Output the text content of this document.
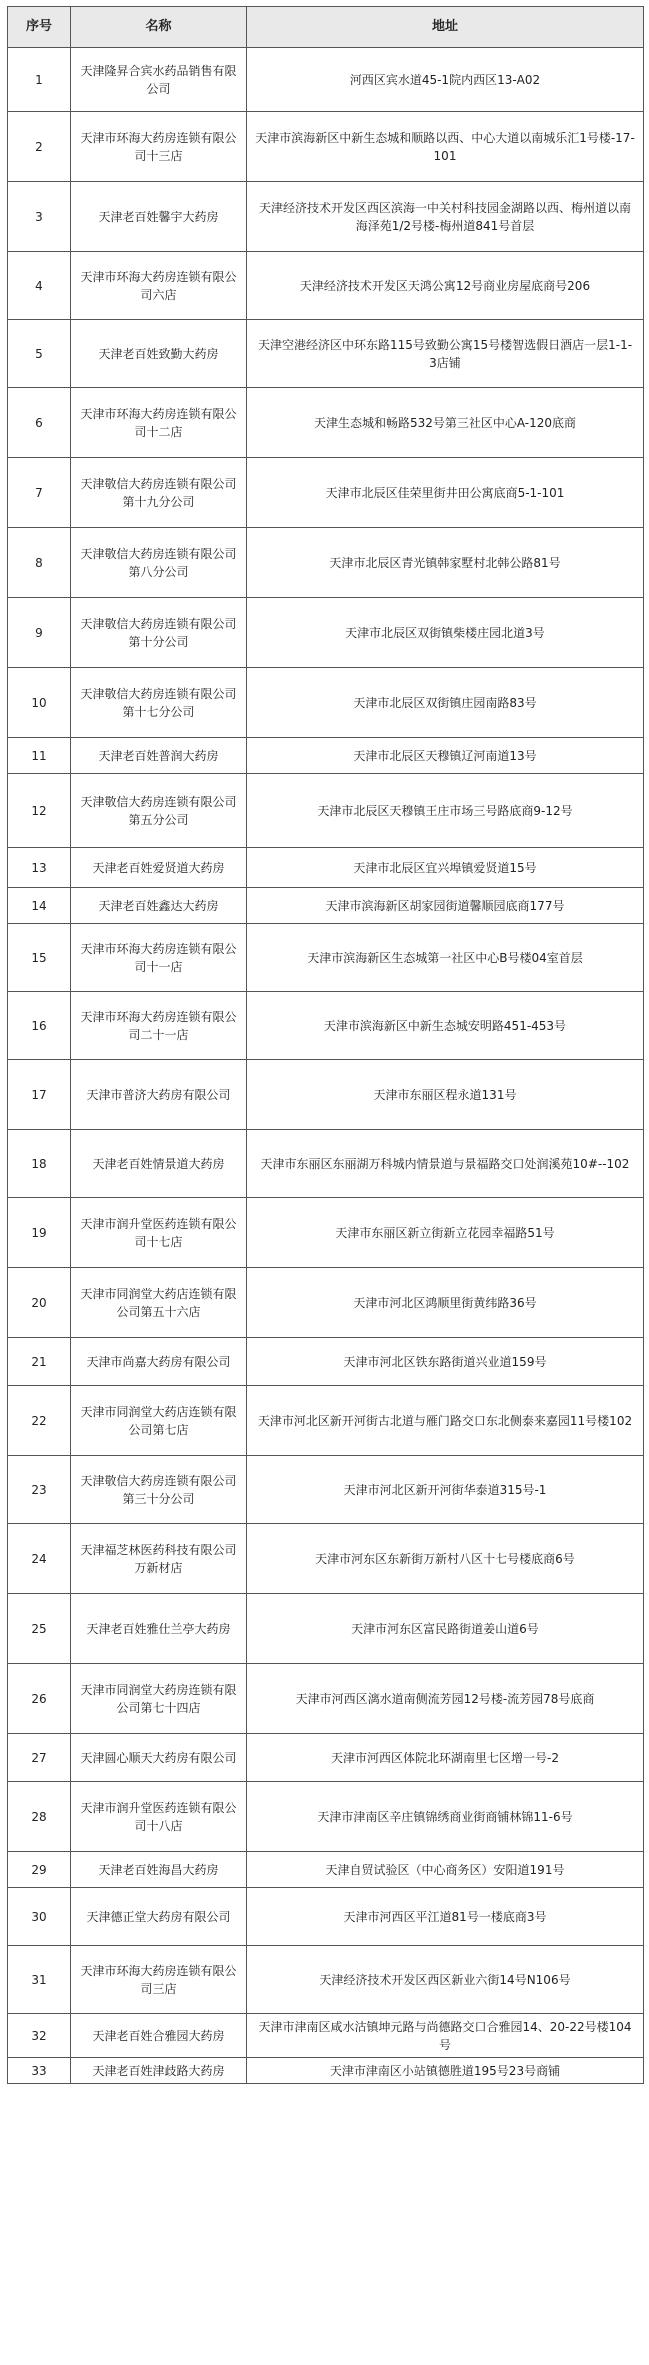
序号	名称	地址
1	天津隆昇合宾水药品销售有限公司	河西区宾水道45-1院内西区13-A02
2	天津市环海大药房连锁有限公司十三店	天津市滨海新区中新生态城和顺路以西、中心大道以南城乐汇1号楼-17-101
3	天津老百姓馨宇大药房	天津经济技术开发区西区滨海一中关村科技园金湖路以西、梅州道以南海泽苑1/2号楼-梅州道841号首层
4	天津市环海大药房连锁有限公司六店	天津经济技术开发区天鸿公寓12号商业房屋底商号206
5	天津老百姓致勤大药房	天津空港经济区中环东路115号致勤公寓15号楼智选假日酒店一层1-1-3店铺
6	天津市环海大药房连锁有限公司十二店	天津生态城和畅路532号第三社区中心A-120底商
7	天津敬信大药房连锁有限公司第十九分公司	天津市北辰区佳荣里街井田公寓底商5-1-101
8	天津敬信大药房连锁有限公司第八分公司	天津市北辰区青光镇韩家墅村北韩公路81号
9	天津敬信大药房连锁有限公司第十分公司	天津市北辰区双街镇柴楼庄园北道3号
10	天津敬信大药房连锁有限公司第十七分公司	天津市北辰区双街镇庄园南路83号
11	天津老百姓普润大药房	天津市北辰区天穆镇辽河南道13号
12	天津敬信大药房连锁有限公司第五分公司	天津市北辰区天穆镇王庄市场三号路底商9-12号
13	天津老百姓爱贤道大药房	天津市北辰区宜兴埠镇爱贤道15号
14	天津老百姓鑫达大药房	天津市滨海新区胡家园街道馨顺园底商177号
15	天津市环海大药房连锁有限公司十一店	天津市滨海新区生态城第一社区中心B号楼04室首层
16	天津市环海大药房连锁有限公司二十一店	天津市滨海新区中新生态城安明路451-453号
17	天津市普济大药房有限公司	天津市东丽区程永道131号
18	天津老百姓情景道大药房	天津市东丽区东丽湖万科城内情景道与景福路交口处润溪苑10#--102
19	天津市润升堂医药连锁有限公司十七店	天津市东丽区新立街新立花园幸福路51号
20	天津市同润堂大药店连锁有限公司第五十六店	天津市河北区鸿顺里街黄纬路36号
21	天津市尚嘉大药房有限公司	天津市河北区铁东路街道兴业道159号
22	天津市同润堂大药店连锁有限公司第七店	天津市河北区新开河街古北道与雁门路交口东北侧泰来嘉园11号楼102
23	天津敬信大药房连锁有限公司第三十分公司	天津市河北区新开河街华泰道315号-1
24	天津福芝林医药科技有限公司万新材店	天津市河东区东新街万新村八区十七号楼底商6号
25	天津老百姓雅仕兰亭大药房	天津市河东区富民路街道姜山道6号
26	天津市同润堂大药房连锁有限公司第七十四店	天津市河西区漓水道南侧流芳园12号楼-流芳园78号底商
27	天津圆心顺天大药房有限公司	天津市河西区体院北环湖南里七区增一号-2
28	天津市润升堂医药连锁有限公司十八店	天津市津南区辛庄镇锦绣商业街商铺林锦11-6号
29	天津老百姓海昌大药房	天津自贸试验区（中心商务区）安阳道191号
30	天津德正堂大药房有限公司	天津市河西区平江道81号一楼底商3号
31	天津市环海大药房连锁有限公司三店	天津经济技术开发区西区新业六街14号N106号
32	天津老百姓合雅园大药房	天津市津南区咸水沽镇坤元路与尚德路交口合雅园14、20-22号楼104号
33	天津老百姓津歧路大药房	天津市津南区小站镇德胜道195号23号商铺
